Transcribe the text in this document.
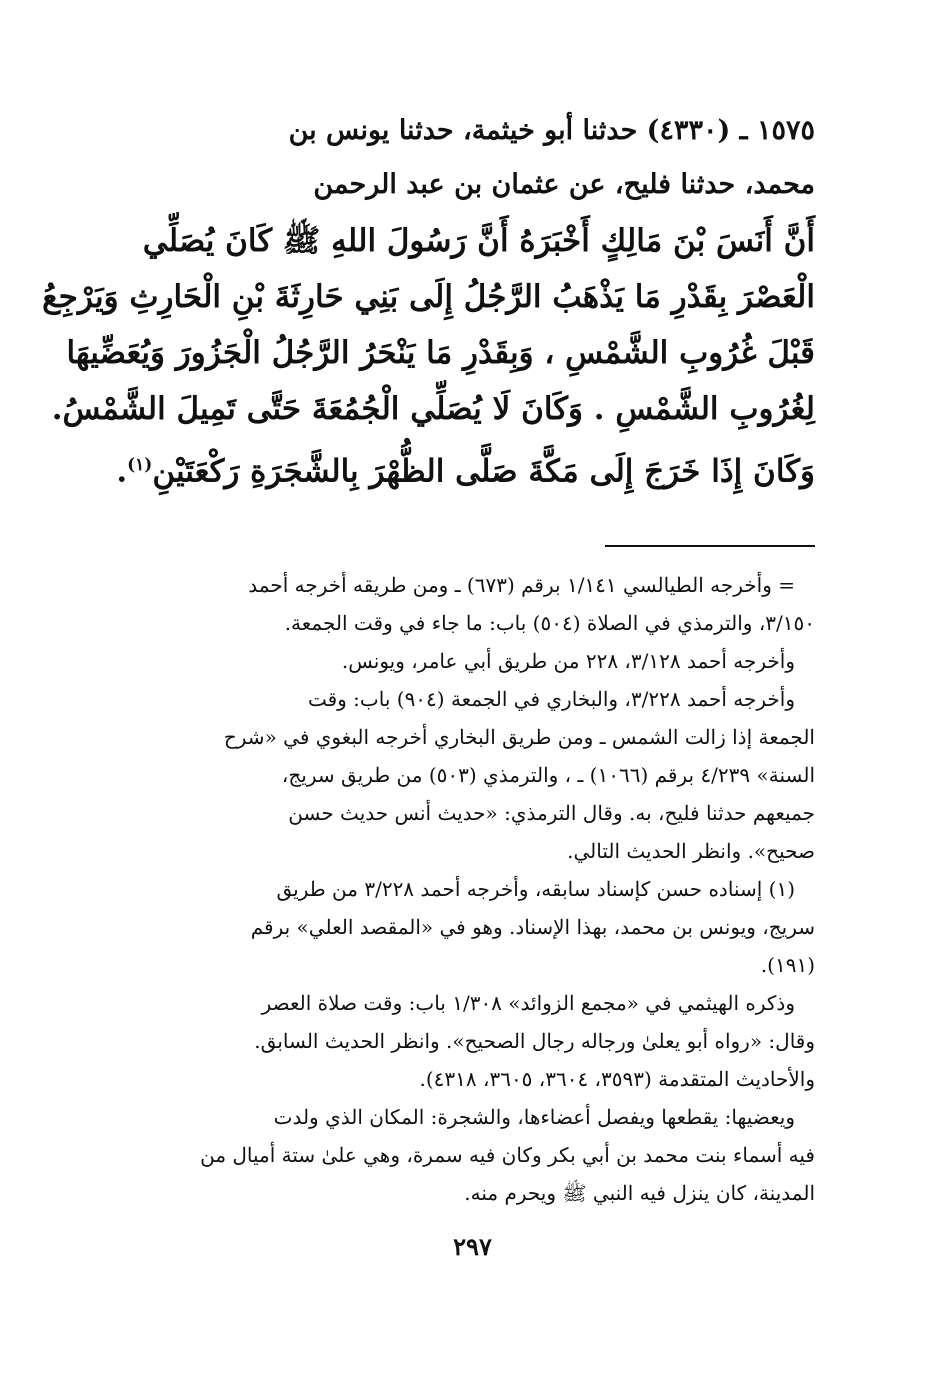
١٥٧٥ ـ (٤٣٣٠) حدثنا أبو خيثمة، حدثنا يونس بن
محمد، حدثنا فليح، عن عثمان بن عبد الرحمن
أَنَّ أَنَسَ بْنَ مَالِكٍ أَخْبَرَهُ أَنَّ رَسُولَ اللهِ ﷺ كَانَ يُصَلِّي
الْعَصْرَ بِقَدْرِ مَا يَذْهَبُ الرَّجُلُ إِلَى بَنِي حَارِثَةَ بْنِ الْحَارِثِ وَيَرْجِعُ
قَبْلَ غُرُوبِ الشَّمْسِ ، وَبِقَدْرِ مَا يَنْحَرُ الرَّجُلُ الْجَزُورَ وَيُعَضِّيهَا
لِغُرُوبِ الشَّمْسِ . وَكَانَ لَا يُصَلِّي الْجُمُعَةَ حَتَّى تَمِيلَ الشَّمْسُ.
وَكَانَ إِذَا خَرَجَ إِلَى مَكَّةَ صَلَّى الظُّهْرَ بِالشَّجَرَةِ رَكْعَتَيْنِ$^{(١)}$.
= وأخرجه الطيالسي ١/١٤١ برقم (٦٧٣) ـ ومن طريقه أخرجه أحمد
٣/١٥٠، والترمذي في الصلاة (٥٠٤) باب: ما جاء في وقت الجمعة.
وأخرجه أحمد ٣/١٢٨، ٢٢٨ من طريق أبي عامر، ويونس.
وأخرجه أحمد ٣/٢٢٨، والبخاري في الجمعة (٩٠٤) باب: وقت
الجمعة إذا زالت الشمس ـ ومن طريق البخاري أخرجه البغوي في «شرح
السنة» ٤/٢٣٩ برقم (١٠٦٦) ـ ، والترمذي (٥٠٣) من طريق سريج،
جميعهم حدثنا فليح، به. وقال الترمذي: «حديث أنس حديث حسن
صحيح». وانظر الحديث التالي.
(١) إسناده حسن كإسناد سابقه، وأخرجه أحمد ٣/٢٢٨ من طريق
سريج، ويونس بن محمد، بهذا الإسناد. وهو في «المقصد العلي» برقم
(١٩١).
وذكره الهيثمي في «مجمع الزوائد» ١/٣٠٨ باب: وقت صلاة العصر
وقال: «رواه أبو يعلىٰ ورجاله رجال الصحيح». وانظر الحديث السابق.
والأحاديث المتقدمة (٣٥٩٣، ٣٦٠٤، ٣٦٠٥، ٤٣١٨).
ويعضيها: يقطعها ويفصل أعضاءها، والشجرة: المكان الذي ولدت
فيه أسماء بنت محمد بن أبي بكر وكان فيه سمرة، وهي علىٰ ستة أميال من
المدينة، كان ينزل فيه النبي ﷺ ويحرم منه.
٢٩٧
